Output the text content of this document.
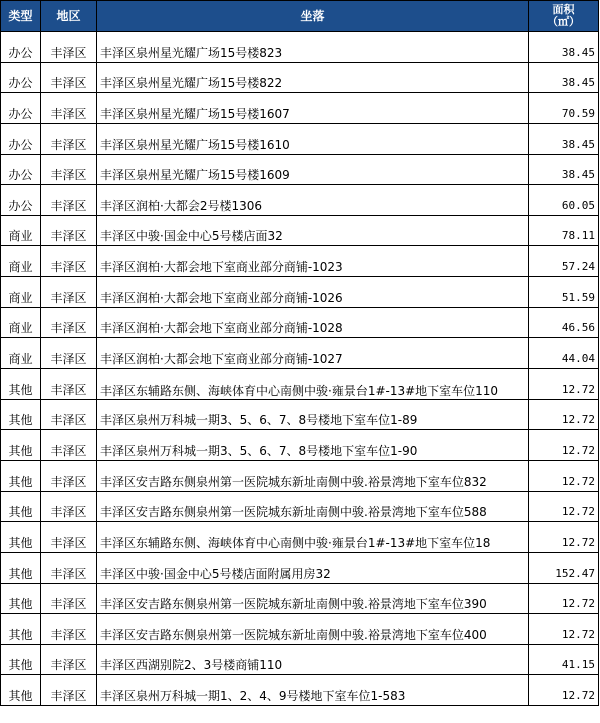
类型	地区	坐落	面积
（㎡）
办公	丰泽区	丰泽区泉州星光耀广场15号楼823	38.45
办公	丰泽区	丰泽区泉州星光耀广场15号楼822	38.45
办公	丰泽区	丰泽区泉州星光耀广场15号楼1607	70.59
办公	丰泽区	丰泽区泉州星光耀广场15号楼1610	38.45
办公	丰泽区	丰泽区泉州星光耀广场15号楼1609	38.45
办公	丰泽区	丰泽区润柏·大都会2号楼1306	60.05
商业	丰泽区	丰泽区中骏·国金中心5号楼店面32	78.11
商业	丰泽区	丰泽区润柏·大都会地下室商业部分商铺-1023	57.24
商业	丰泽区	丰泽区润柏·大都会地下室商业部分商铺-1026	51.59
商业	丰泽区	丰泽区润柏·大都会地下室商业部分商铺-1028	46.56
商业	丰泽区	丰泽区润柏·大都会地下室商业部分商铺-1027	44.04
其他	丰泽区	丰泽区东辅路东侧、海峡体育中心南侧中骏·雍景台1#-13#地下室车位110	12.72
其他	丰泽区	丰泽区泉州万科城一期3、5、6、7、8号楼地下室车位1-89	12.72
其他	丰泽区	丰泽区泉州万科城一期3、5、6、7、8号楼地下室车位1-90	12.72
其他	丰泽区	丰泽区安吉路东侧泉州第一医院城东新址南侧中骏.裕景湾地下室车位832	12.72
其他	丰泽区	丰泽区安吉路东侧泉州第一医院城东新址南侧中骏.裕景湾地下室车位588	12.72
其他	丰泽区	丰泽区东辅路东侧、海峡体育中心南侧中骏·雍景台1#-13#地下室车位18	12.72
其他	丰泽区	丰泽区中骏·国金中心5号楼店面附属用房32	152.47
其他	丰泽区	丰泽区安吉路东侧泉州第一医院城东新址南侧中骏.裕景湾地下室车位390	12.72
其他	丰泽区	丰泽区安吉路东侧泉州第一医院城东新址南侧中骏.裕景湾地下室车位400	12.72
其他	丰泽区	丰泽区西湖别院2、3号楼商铺110	41.15
其他	丰泽区	丰泽区泉州万科城一期1、2、4、9号楼地下室车位1-583	12.72
